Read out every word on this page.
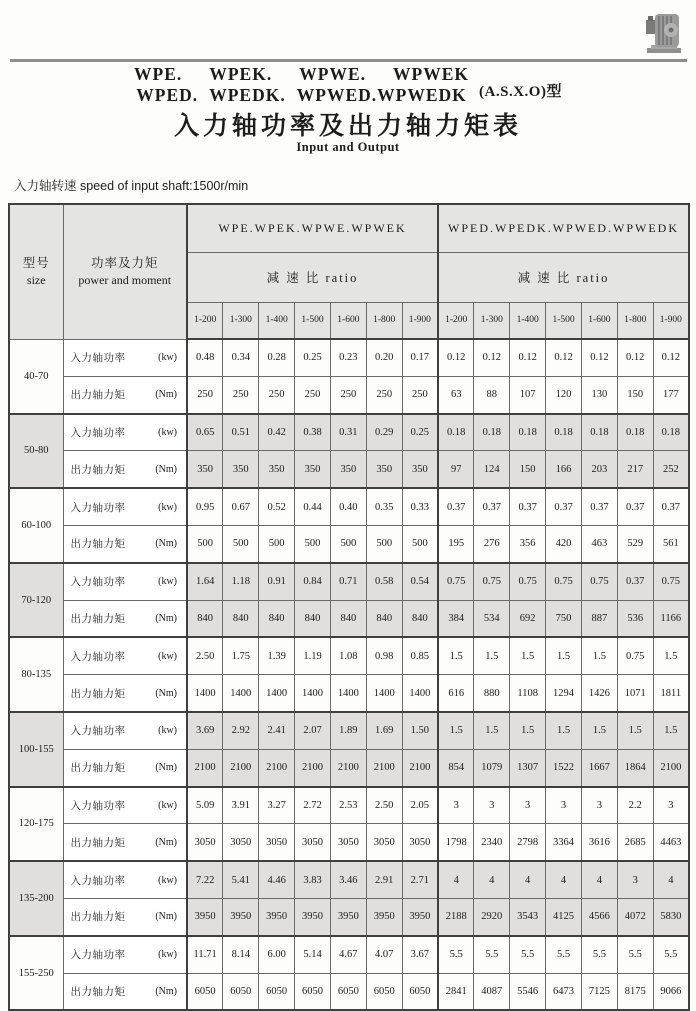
WPE. WPEK. WPWE. WPWEK
WPED. WPEDK. WPWED.WPWEDK (A.S.X.O)型
入力轴功率及出力轴力矩表
Input and Output
入力轴转速 speed of input shaft:1500r/min
型号
size

功率及力矩
power and moment
	WPE.WPEK.WPWE.WPWEK	WPED.WPEDK.WPWED.WPWEDK
		减 速 比 ratio							减 速 比 ratio						
		1-200	1-300	1-400	1-500	1-600	1-800	1-900	1-200	1-300	1-400	1-500	1-600	1-800	1-900
40-70	入力轴功率 (kw)	0.48	0.34	0.28	0.25	0.23	0.20	0.17	0.12	0.12	0.12	0.12	0.12	0.12	0.12

	出力轴力矩 (Nm)	250	250	250	250	250	250	250	63	88	107	120	130	150	177
50-80	入力轴功率 (kw)	0.65	0.51	0.42	0.38	0.31	0.29	0.25	0.18	0.18	0.18	0.18	0.18	0.18	0.18

	出力轴力矩 (Nm)	350	350	350	350	350	350	350	97	124	150	166	203	217	252
60-100	入力轴功率 (kw)	0.95	0.67	0.52	0.44	0.40	0.35	0.33	0.37	0.37	0.37	0.37	0.37	0.37	0.37

	出力轴力矩 (Nm)	500	500	500	500	500	500	500	195	276	356	420	463	529	561
70-120	入力轴功率 (kw)	1.64	1.18	0.91	0.84	0.71	0.58	0.54	0.75	0.75	0.75	0.75	0.75	0.37	0.75

	出力轴力矩 (Nm)	840	840	840	840	840	840	840	384	534	692	750	887	536	1166
80-135	入力轴功率 (kw)	2.50	1.75	1.39	1.19	1.08	0.98	0.85	1.5	1.5	1.5	1.5	1.5	0.75	1.5

	出力轴力矩 (Nm)	1400	1400	1400	1400	1400	1400	1400	616	880	1108	1294	1426	1071	1811
100-155	入力轴功率 (kw)	3.69	2.92	2.41	2.07	1.89	1.69	1.50	1.5	1.5	1.5	1.5	1.5	1.5	1.5

	出力轴力矩 (Nm)	2100	2100	2100	2100	2100	2100	2100	854	1079	1307	1522	1667	1864	2100
120-175	入力轴功率 (kw)	5.09	3.91	3.27	2.72	2.53	2.50	2.05	3	3	3	3	3	2.2	3

	出力轴力矩 (Nm)	3050	3050	3050	3050	3050	3050	3050	1798	2340	2798	3364	3616	2685	4463
135-200	入力轴功率 (kw)	7.22	5.41	4.46	3.83	3.46	2.91	2.71	4	4	4	4	4	3	4

	出力轴力矩 (Nm)	3950	3950	3950	3950	3950	3950	3950	2188	2920	3543	4125	4566	4072	5830
155-250	入力轴功率 (kw)	11.71	8.14	6.00	5.14	4.67	4.07	3.67	5.5	5.5	5.5	5.5	5.5	5.5	5.5

	出力轴力矩 (Nm)	6050	6050	6050	6050	6050	6050	6050	2841	4087	5546	6473	7125	8175	9066
